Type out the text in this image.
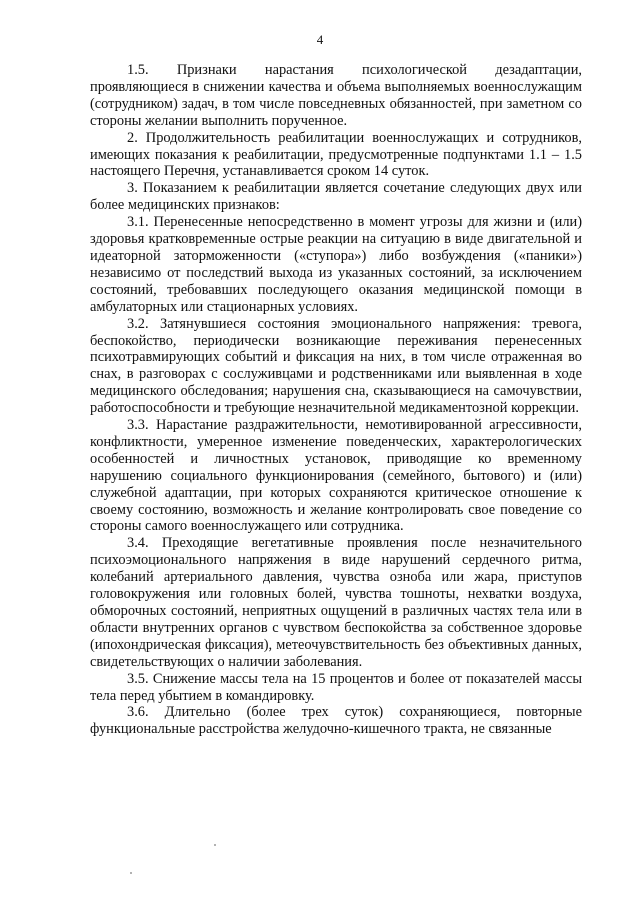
4

1.5. Признаки нарастания психологической дезадаптации, проявляющиеся в снижении качества и объема выполняемых военнослужащим (сотрудником) задач, в том числе повседневных обязанностей, при заметном со стороны желании выполнить порученное.

2. Продолжительность реабилитации военнослужащих и сотрудников, имеющих показания к реабилитации, предусмотренные подпунктами 1.1 – 1.5 настоящего Перечня, устанавливается сроком 14 суток.

3. Показанием к реабилитации является сочетание следующих двух или более медицинских признаков:

3.1. Перенесенные непосредственно в момент угрозы для жизни и (или) здоровья кратковременные острые реакции на ситуацию в виде двигательной и идеаторной заторможенности («ступора») либо возбуждения («паники») независимо от последствий выхода из указанных состояний, за исключением состояний, требовавших последующего оказания медицинской помощи в амбулаторных или стационарных условиях.

3.2. Затянувшиеся состояния эмоционального напряжения: тревога, беспокойство, периодически возникающие переживания перенесенных психотравмирующих событий и фиксация на них, в том числе отраженная во снах, в разговорах с сослуживцами и родственниками или выявленная в ходе медицинского обследования; нарушения сна, сказывающиеся на самочувствии, работоспособности и требующие незначительной медикаментозной коррекции.

3.3. Нарастание раздражительности, немотивированной агрессивности, конфликтности, умеренное изменение поведенческих, характерологических особенностей и личностных установок, приводящие ко временному нарушению социального функционирования (семейного, бытового) и (или) служебной адаптации, при которых сохраняются критическое отношение к своему состоянию, возможность и желание контролировать свое поведение со стороны самого военнослужащего или сотрудника.

3.4. Преходящие вегетативные проявления после незначительного психоэмоционального напряжения в виде нарушений сердечного ритма, колебаний артериального давления, чувства озноба или жара, приступов головокружения или головных болей, чувства тошноты, нехватки воздуха, обморочных состояний, неприятных ощущений в различных частях тела или в области внутренних органов с чувством беспокойства за собственное здоровье (ипохондрическая фиксация), метеочувствительность без объективных данных, свидетельствующих о наличии заболевания.

3.5. Снижение массы тела на 15 процентов и более от показателей массы тела перед убытием в командировку.

3.6. Длительно (более трех суток) сохраняющиеся, повторные функциональные расстройства желудочно-кишечного тракта, не связанные
